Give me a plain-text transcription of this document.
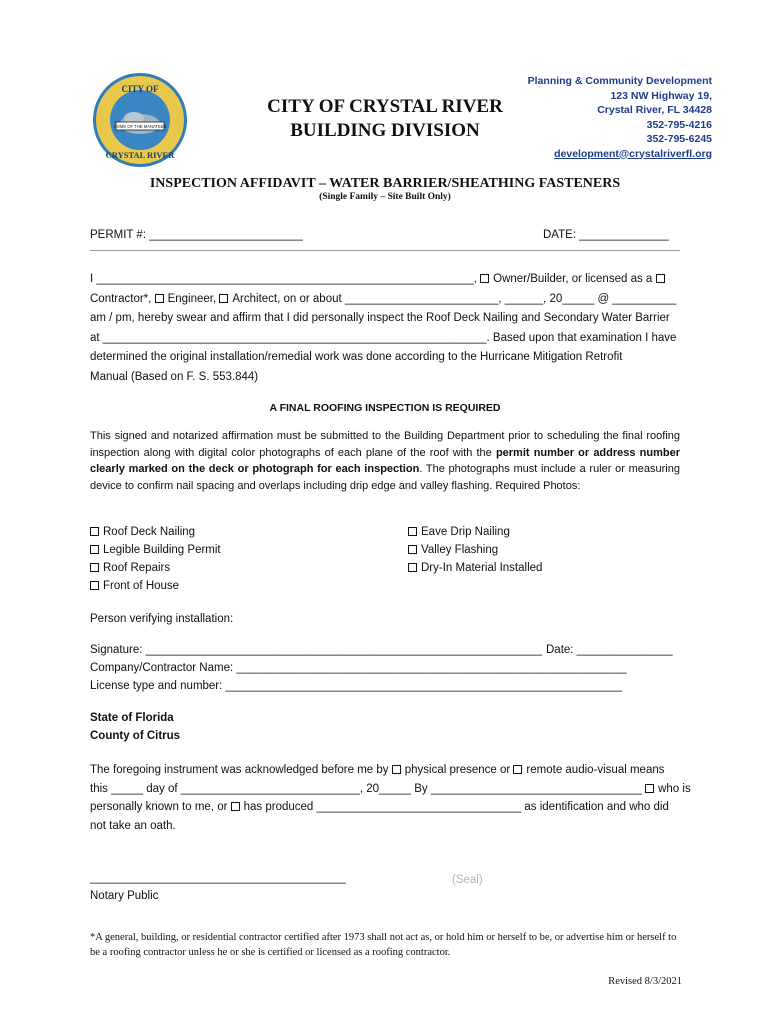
CITY OF
HOME OF THE MANATEES
CRYSTAL RIVER
CITY OF CRYSTAL RIVER
BUILDING DIVISION
Planning & Community Development
123 NW Highway 19,
Crystal River, FL 34428
352-795-4216
352-795-6245
development@crystalriverfl.org
INSPECTION AFFIDAVIT – WATER BARRIER/SHEATHING FASTENERS
(Single Family – Site Built Only)
PERMIT #: ________________________	DATE: ______________
I ___________________________________________________________, Owner/Builder, or licensed as a
Contractor*, Engineer, Architect, on or about ________________________, ______, 20_____ @ __________
am / pm, hereby swear and affirm that I did personally inspect the Roof Deck Nailing and Secondary Water Barrier
at ____________________________________________________________. Based upon that examination I have
determined the original installation/remedial work was done according to the Hurricane Mitigation Retrofit
Manual (Based on F. S. 553.844)
A FINAL ROOFING INSPECTION IS REQUIRED
This signed and notarized affirmation must be submitted to the Building Department prior to scheduling the final roofing inspection along with digital color photographs of each plane of the roof with the permit number or address number clearly marked on the deck or photograph for each inspection. The photographs must include a ruler or measuring device to confirm nail spacing and overlaps including drip edge and valley flashing. Required Photos:
Roof Deck Nailing
Legible Building Permit
Roof Repairs
Front of House
Eave Drip Nailing
Valley Flashing
Dry-In Material Installed
Person verifying installation:
Signature: ______________________________________________________________ Date: _______________
Company/Contractor Name: _____________________________________________________________
License type and number: ______________________________________________________________
State of Florida
County of Citrus
The foregoing instrument was acknowledged before me by physical presence or remote audio-visual means
this _____ day of ____________________________, 20_____ By _________________________________ who is
personally known to me, or has produced ________________________________ as identification and who did
not take an oath.
________________________________________
Notary Public
(Seal)
*A general, building, or residential contractor certified after 1973 shall not act as, or hold him or herself to be, or advertise him or herself to be a roofing contractor unless he or she is certified or licensed as a roofing contractor.
Revised 8/3/2021
